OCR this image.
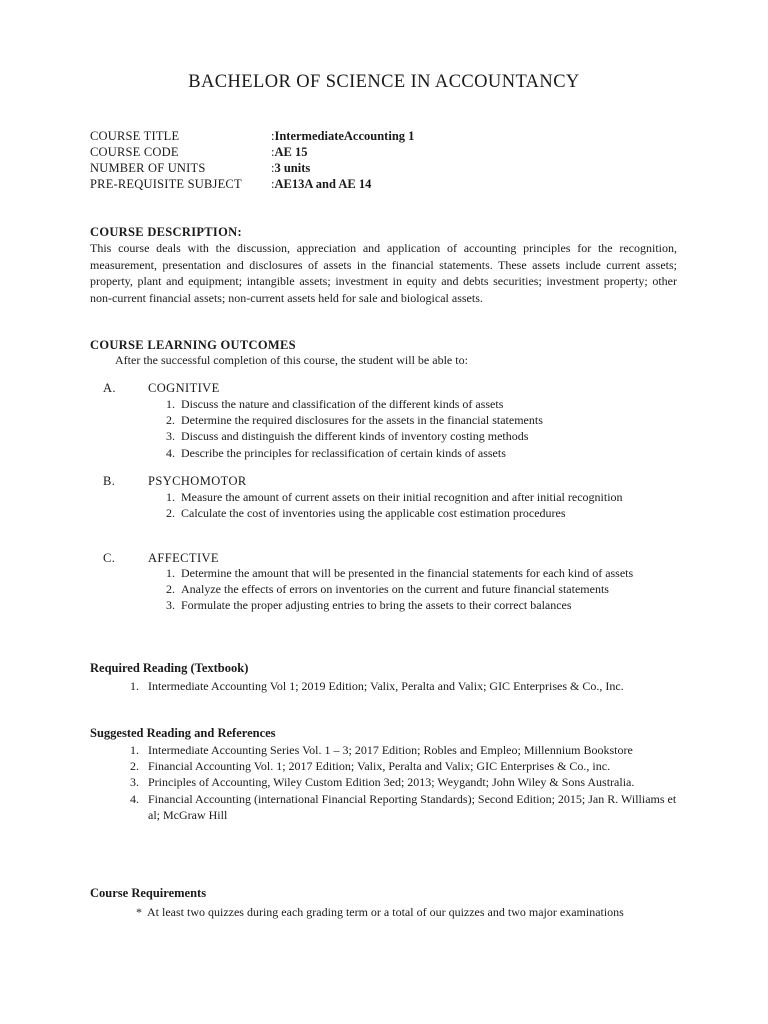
BACHELOR OF SCIENCE IN ACCOUNTANCY
COURSE TITLE	: IntermediateAccounting 1
COURSE CODE	: AE 15
NUMBER OF UNITS	: 3 units
PRE-REQUISITE SUBJECT	: AE13A and AE 14
COURSE DESCRIPTION:
This course deals with the discussion, appreciation and application of accounting principles for the recognition, measurement, presentation and disclosures of assets in the financial statements. These assets include current assets; property, plant and equipment; intangible assets; investment in equity and debts securities; investment property; other non-current financial assets; non-current assets held for sale and biological assets.
COURSE LEARNING OUTCOMES
After the successful completion of this course, the student will be able to:
A.	COGNITIVE
1. Discuss the nature and classification of the different kinds of assets
2. Determine the required disclosures for the assets in the financial statements
3. Discuss and distinguish the different kinds of inventory costing methods
4. Describe the principles for reclassification of certain kinds of assets
B.	PSYCHOMOTOR
1. Measure the amount of current assets on their initial recognition and after initial recognition
2. Calculate the cost of inventories using the applicable cost estimation procedures
C.	AFFECTIVE
1. Determine the amount that will be presented in the financial statements for each kind of assets
2. Analyze the effects of errors on inventories on the current and future financial statements
3. Formulate the proper adjusting entries to bring the assets to their correct balances
Required Reading (Textbook)
1. Intermediate Accounting Vol 1; 2019 Edition; Valix, Peralta and Valix; GIC Enterprises & Co., Inc.
Suggested Reading and References
1. Intermediate Accounting Series Vol. 1 – 3; 2017 Edition; Robles and Empleo; Millennium Bookstore
2. Financial Accounting Vol. 1; 2017 Edition; Valix, Peralta and Valix; GIC Enterprises & Co., inc.
3. Principles of Accounting, Wiley Custom Edition 3ed; 2013; Weygandt; John Wiley & Sons Australia.
4. Financial Accounting (international Financial Reporting Standards); Second Edition; 2015; Jan R. Williams et al; McGraw Hill
Course Requirements
* At least two quizzes during each grading term or a total of our quizzes and two major examinations
